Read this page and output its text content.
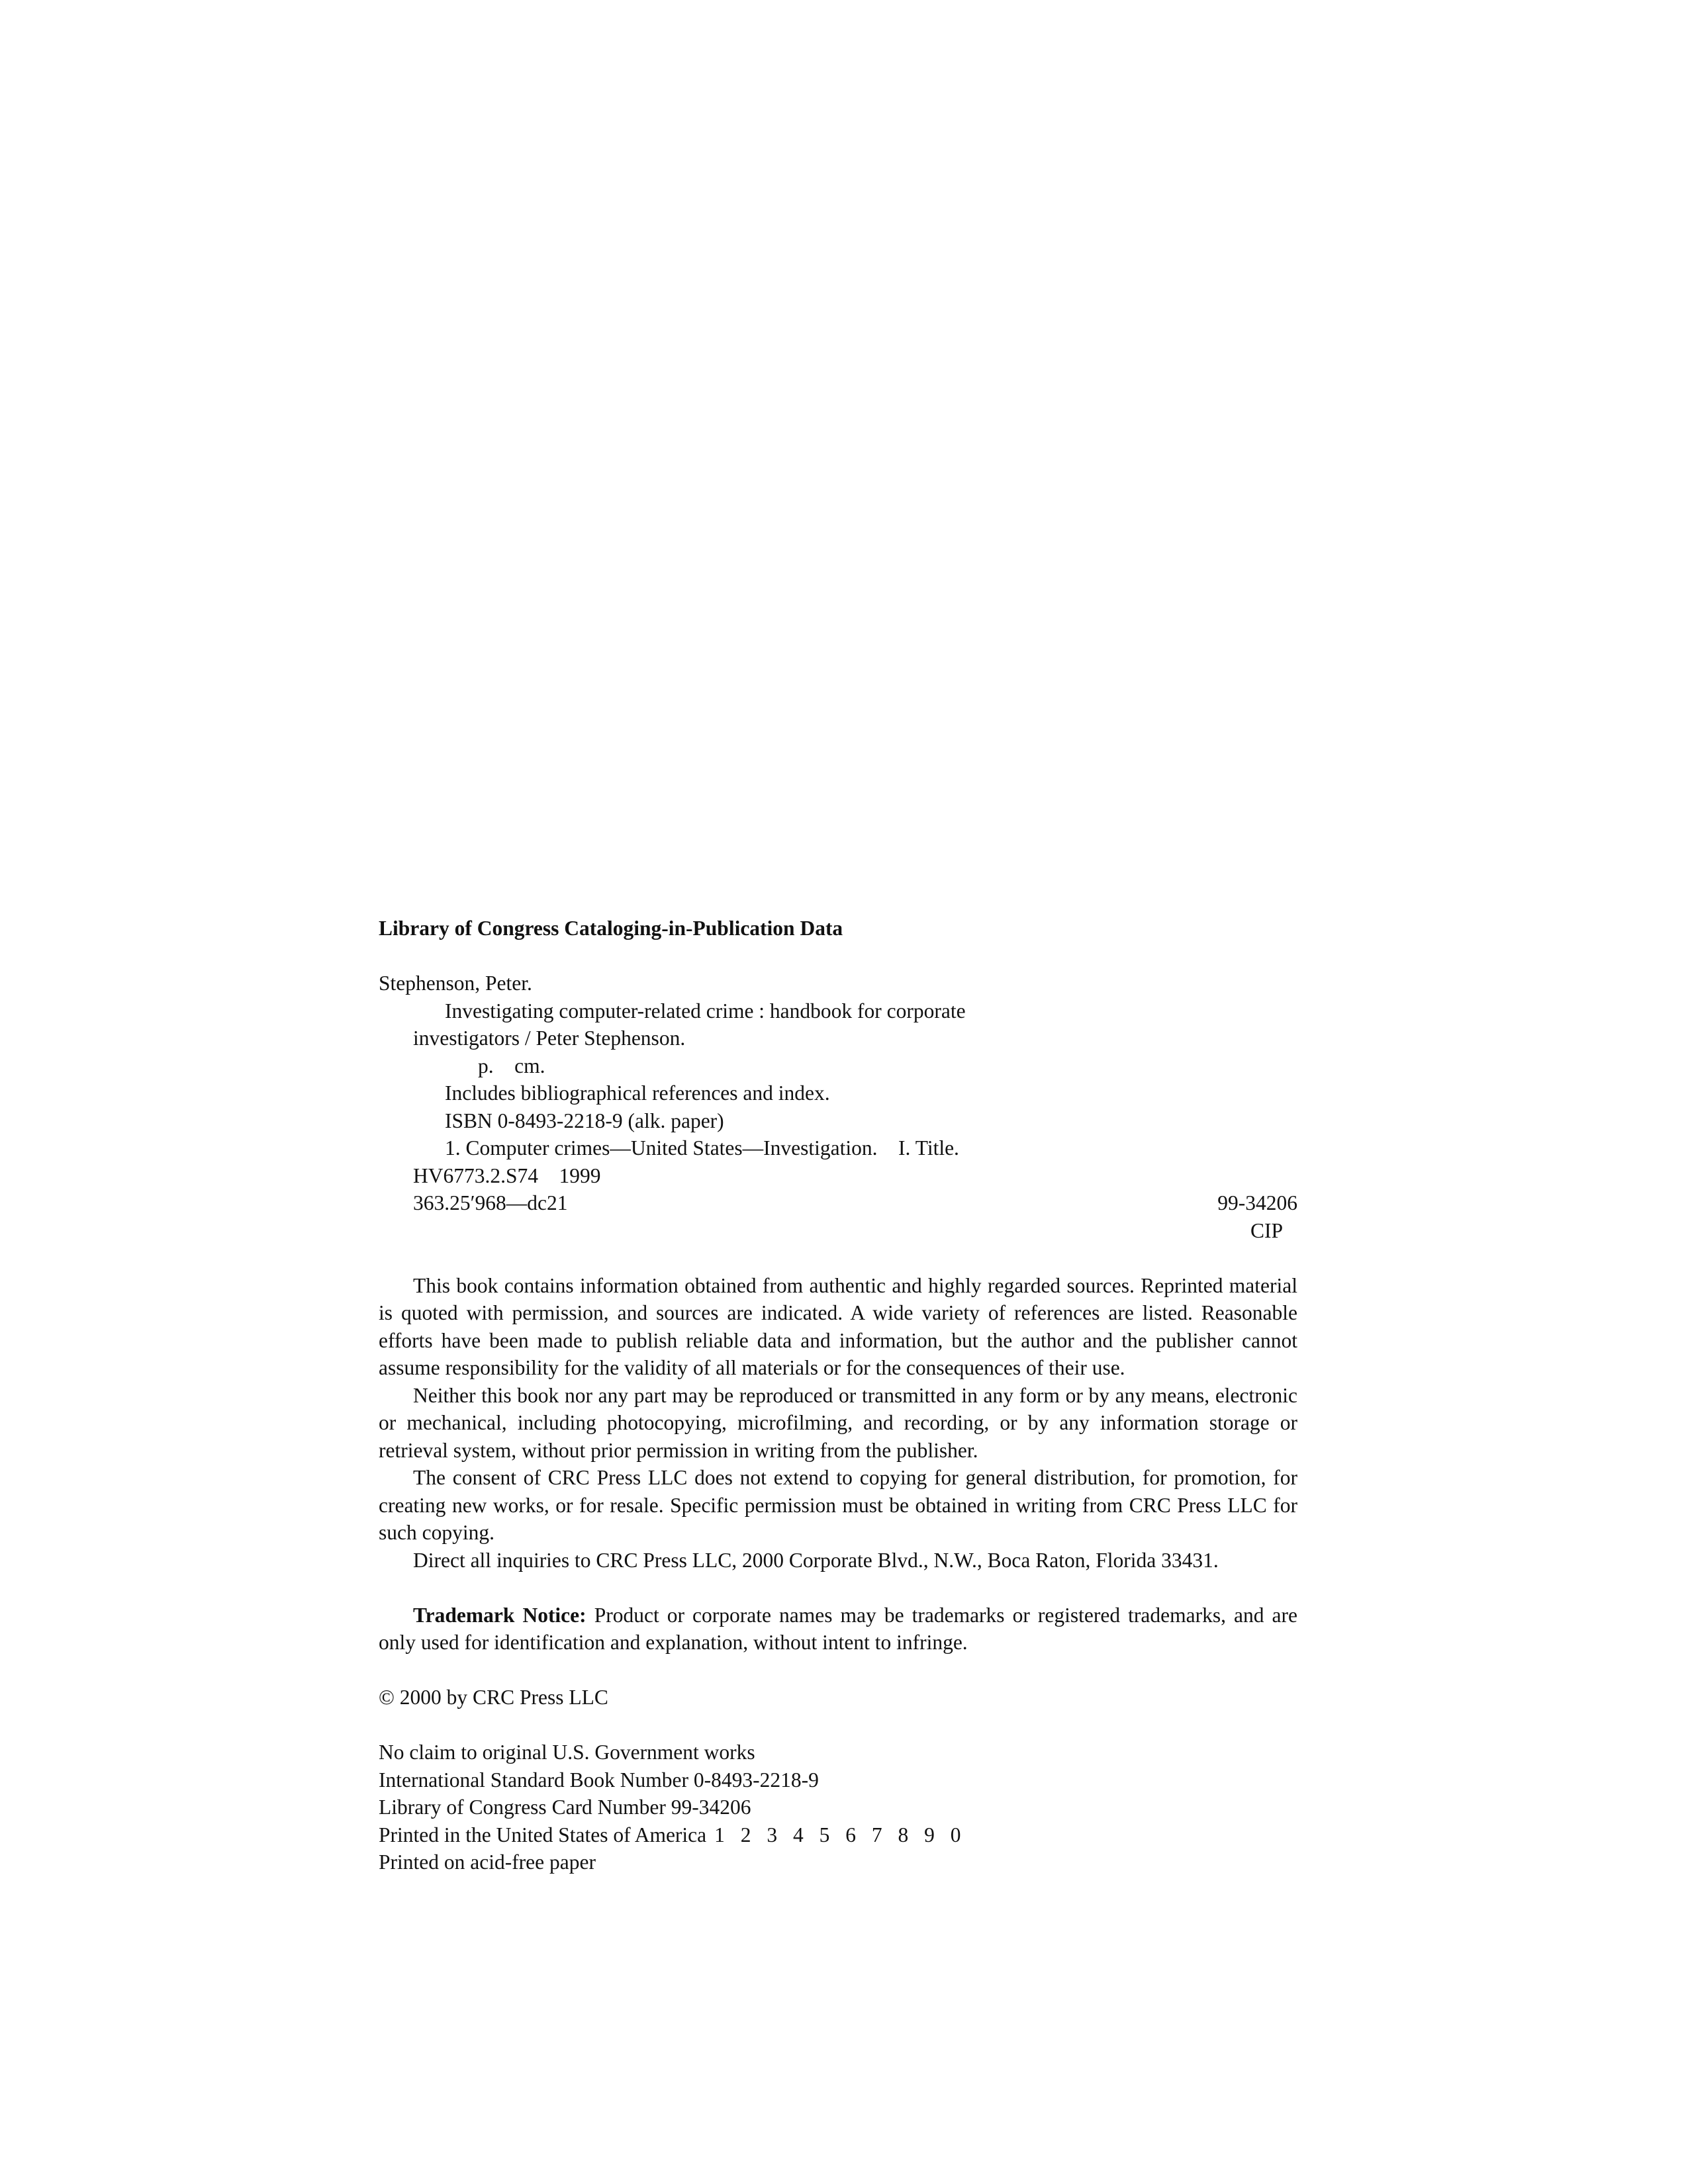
Library of Congress Cataloging-in-Publication Data
Stephenson, Peter.
Investigating computer-related crime : handbook for corporate
investigators / Peter Stephenson.
p.    cm.
Includes bibliographical references and index.
ISBN 0-8493-2218-9 (alk. paper)
1. Computer crimes—United States—Investigation.    I. Title.
HV6773.2.S74    1999
363.25′968—dc21	99-34206
CIP

This book contains information obtained from authentic and highly regarded sources. Reprinted material is quoted with permission, and sources are indicated. A wide variety of references are listed. Reasonable efforts have been made to publish reliable data and information, but the author and the publisher cannot assume responsibility for the validity of all materials or for the consequences of their use.

Neither this book nor any part may be reproduced or transmitted in any form or by any means, electronic or mechanical, including photocopying, microfilming, and recording, or by any information storage or retrieval system, without prior permission in writing from the publisher.

The consent of CRC Press LLC does not extend to copying for general distribution, for promotion, for creating new works, or for resale. Specific permission must be obtained in writing from CRC Press LLC for such copying.

Direct all inquiries to CRC Press LLC, 2000 Corporate Blvd., N.W., Boca Raton, Florida 33431.

Trademark Notice: Product or corporate names may be trademarks or registered trademarks, and are only used for identification and explanation, without intent to infringe.

© 2000 by CRC Press LLC
No claim to original U.S. Government works
International Standard Book Number 0-8493-2218-9
Library of Congress Card Number 99-34206
Printed in the United States of America 1 2 3 4 5 6 7 8 9 0
Printed on acid-free paper
